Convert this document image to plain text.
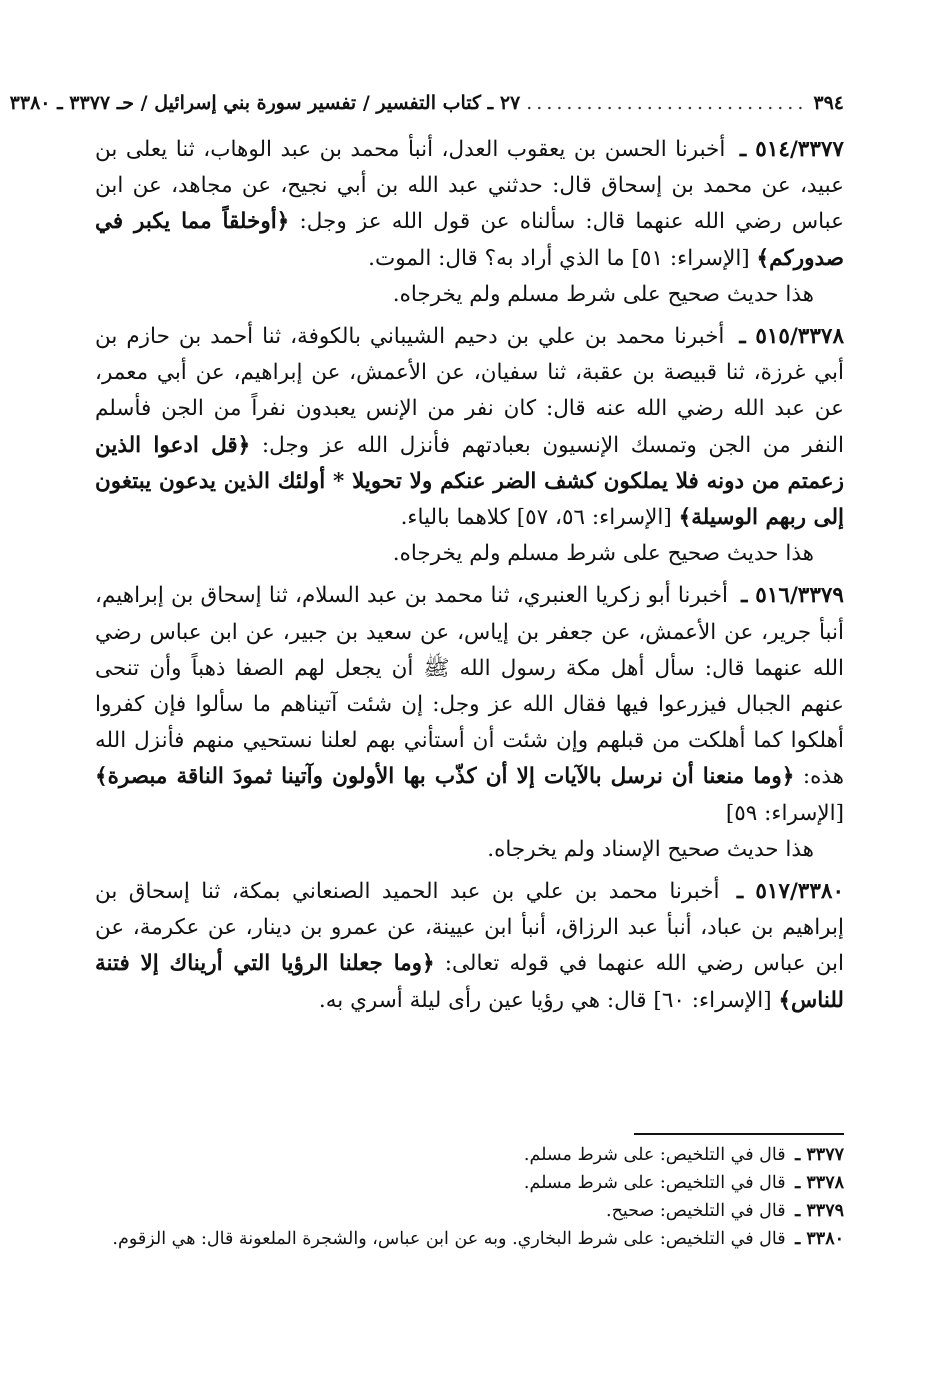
٣٩٤
............................
٢٧ ـ كتاب التفسير / تفسير سورة بني إسرائيل / حـ ٣٣٧٧ ـ ٣٣٨٠

٥١٤/٣٣٧٧ ـ أخبرنا الحسن بن يعقوب العدل، أنبأ محمد بن عبد الوهاب، ثنا يعلى بن عبيد، عن محمد بن إسحاق قال: حدثني عبد الله بن أبي نجيح، عن مجاهد، عن ابن عباس رضي الله عنهما قال: سألناه عن قول الله عز وجل: ﴿أوخلقاً مما يكبر في صدوركم﴾ [الإسراء: ٥١] ما الذي أراد به؟ قال: الموت.

هذا حديث صحيح على شرط مسلم ولم يخرجاه.

٥١٥/٣٣٧٨ ـ أخبرنا محمد بن علي بن دحيم الشيباني بالكوفة، ثنا أحمد بن حازم بن أبي غرزة، ثنا قبيصة بن عقبة، ثنا سفيان، عن الأعمش، عن إبراهيم، عن أبي معمر، عن عبد الله رضي الله عنه قال: كان نفر من الإنس يعبدون نفراً من الجن فأسلم النفر من الجن وتمسك الإنسيون بعبادتهم فأنزل الله عز وجل: ﴿قل ادعوا الذين زعمتم من دونه فلا يملكون كشف الضر عنكم ولا تحويلا * أولئك الذين يدعون يبتغون إلى ربهم الوسيلة﴾ [الإسراء: ٥٦، ٥٧] كلاهما بالياء.

هذا حديث صحيح على شرط مسلم ولم يخرجاه.

٥١٦/٣٣٧٩ ـ أخبرنا أبو زكريا العنبري، ثنا محمد بن عبد السلام، ثنا إسحاق بن إبراهيم، أنبأ جرير، عن الأعمش، عن جعفر بن إياس، عن سعيد بن جبير، عن ابن عباس رضي الله عنهما قال: سأل أهل مكة رسول الله ﷺ أن يجعل لهم الصفا ذهباً وأن تنحى عنهم الجبال فيزرعوا فيها فقال الله عز وجل: إن شئت آتيناهم ما سألوا فإن كفروا أهلكوا كما أهلكت من قبلهم وإن شئت أن أستأني بهم لعلنا نستحيي منهم فأنزل الله هذه: ﴿وما منعنا أن نرسل بالآيات إلا أن كذّب بها الأولون وآتينا ثمودَ الناقة مبصرة﴾ [الإسراء: ٥٩]

هذا حديث صحيح الإسناد ولم يخرجاه.

٥١٧/٣٣٨٠ ـ أخبرنا محمد بن علي بن عبد الحميد الصنعاني بمكة، ثنا إسحاق بن إبراهيم بن عباد، أنبأ عبد الرزاق، أنبأ ابن عيينة، عن عمرو بن دينار، عن عكرمة، عن ابن عباس رضي الله عنهما في قوله تعالى: ﴿وما جعلنا الرؤيا التي أريناك إلا فتنة للناس﴾ [الإسراء: ٦٠] قال: هي رؤيا عين رأى ليلة أسري به.

٣٣٧٧ ـ قال في التلخيص: على شرط مسلم.

٣٣٧٨ ـ قال في التلخيص: على شرط مسلم.

٣٣٧٩ ـ قال في التلخيص: صحيح.

٣٣٨٠ ـ قال في التلخيص: على شرط البخاري. وبه عن ابن عباس، والشجرة الملعونة قال: هي الزقوم.
